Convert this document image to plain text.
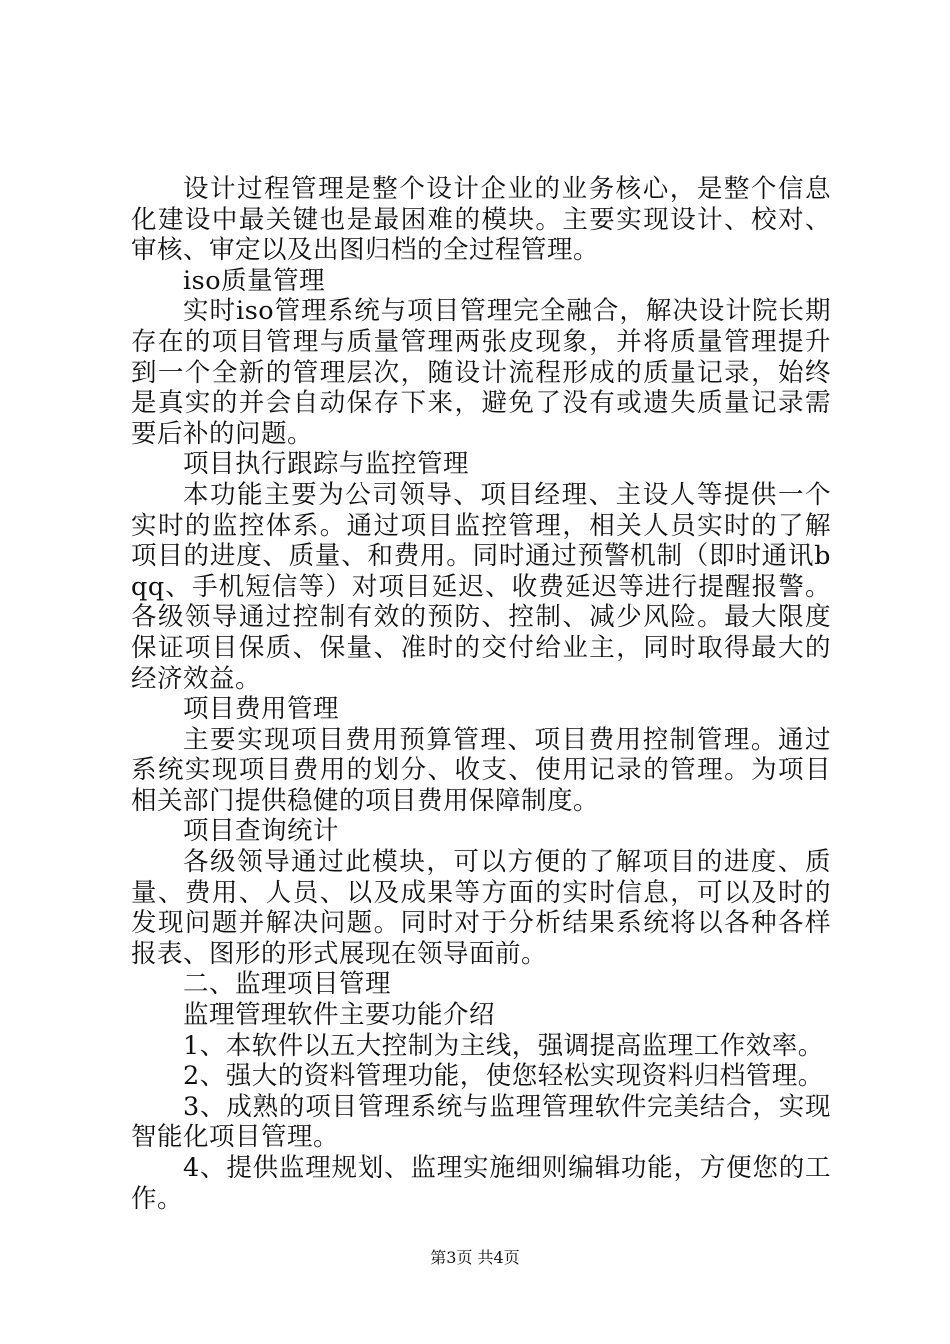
设计过程管理是整个设计企业的业务核心，是整个信息化建设中最关键也是最困难的模块。主要实现设计、校对、审核、审定以及出图归档的全过程管理。

iso质量管理

实时iso管理系统与项目管理完全融合，解决设计院长期存在的项目管理与质量管理两张皮现象，并将质量管理提升到一个全新的管理层次，随设计流程形成的质量记录，始终是真实的并会自动保存下来，避免了没有或遗失质量记录需要后补的问题。

项目执行跟踪与监控管理

本功能主要为公司领导、项目经理、主设人等提供一个实时的监控体系。通过项目监控管理，相关人员实时的了解项目的进度、质量、和费用。同时通过预警机制（即时通讯bqq、手机短信等）对项目延迟、收费延迟等进行提醒报警。各级领导通过控制有效的预防、控制、减少风险。最大限度保证项目保质、保量、准时的交付给业主，同时取得最大的经济效益。

项目费用管理

主要实现项目费用预算管理、项目费用控制管理。通过系统实现项目费用的划分、收支、使用记录的管理。为项目相关部门提供稳健的项目费用保障制度。

项目查询统计

各级领导通过此模块，可以方便的了解项目的进度、质量、费用、人员、以及成果等方面的实时信息，可以及时的发现问题并解决问题。同时对于分析结果系统将以各种各样报表、图形的形式展现在领导面前。

二、监理项目管理

监理管理软件主要功能介绍

1、本软件以五大控制为主线，强调提高监理工作效率。

2、强大的资料管理功能，使您轻松实现资料归档管理。

3、成熟的项目管理系统与监理管理软件完美结合，实现智能化项目管理。

4、提供监理规划、监理实施细则编辑功能，方便您的工作。

第3页 共4页
